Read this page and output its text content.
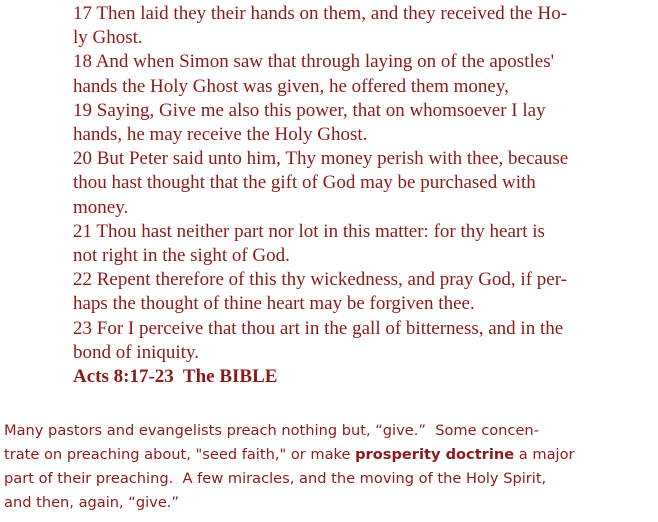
17 Then laid they their hands on them, and they received the Ho-
ly Ghost.
18 And when Simon saw that through laying on of the apostles'
hands the Holy Ghost was given, he offered them money,
19 Saying, Give me also this power, that on whomsoever I lay
hands, he may receive the Holy Ghost.
20 But Peter said unto him, Thy money perish with thee, because
thou hast thought that the gift of God may be purchased with
money.
21 Thou hast neither part nor lot in this matter: for thy heart is
not right in the sight of God.
22 Repent therefore of this thy wickedness, and pray God, if per-
haps the thought of thine heart may be forgiven thee.
23 For I perceive that thou art in the gall of bitterness, and in the
bond of iniquity.
Acts 8:17-23  The BIBLE
Many pastors and evangelists preach nothing but, “give.”  Some concen-
trate on preaching about, "seed faith," or make prosperity doctrine a major
part of their preaching.  A few miracles, and the moving of the Holy Spirit,
and then, again, “give.”
